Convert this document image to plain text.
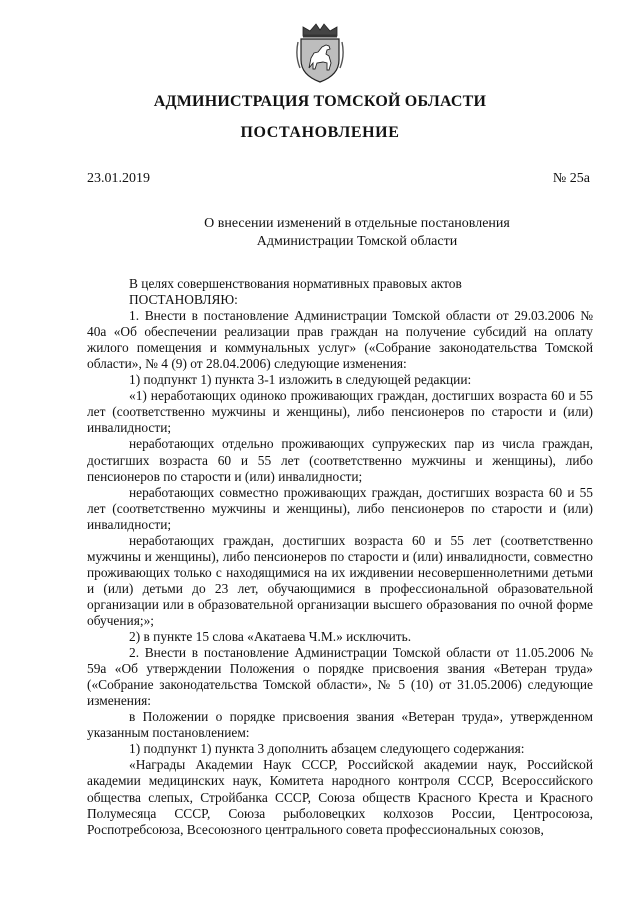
АДМИНИСТРАЦИЯ ТОМСКОЙ ОБЛАСТИ
ПОСТАНОВЛЕНИЕ
23.01.2019	№ 25а
О внесении изменений в отдельные постановления
Администрации Томской области

В целях совершенствования нормативных правовых актов

ПОСТАНОВЛЯЮ:

1. Внести в постановление Администрации Томской области от 29.03.2006 № 40а «Об обеспечении реализации прав граждан на получение субсидий на оплату жилого помещения и коммунальных услуг» («Собрание законодательства Томской области», № 4 (9) от 28.04.2006) следующие изменения:

1) подпункт 1) пункта 3-1 изложить в следующей редакции:

«1) неработающих одиноко проживающих граждан, достигших возраста 60 и 55 лет (соответственно мужчины и женщины), либо пенсионеров по старости и (или) инвалидности;

неработающих отдельно проживающих супружеских пар из числа граждан, достигших возраста 60 и 55 лет (соответственно мужчины и женщины), либо пенсионеров по старости и (или) инвалидности;

неработающих совместно проживающих граждан, достигших возраста 60 и 55 лет (соответственно мужчины и женщины), либо пенсионеров по старости и (или) инвалидности;

неработающих граждан, достигших возраста 60 и 55 лет (соответственно мужчины и женщины), либо пенсионеров по старости и (или) инвалидности, совместно проживающих только с находящимися на их иждивении несовершеннолетними детьми и (или) детьми до 23 лет, обучающимися в профессиональной образовательной организации или в образовательной организации высшего образования по очной форме обучения;»;

2) в пункте 15 слова «Акатаева Ч.М.» исключить.

2. Внести в постановление Администрации Томской области от 11.05.2006 № 59а «Об утверждении Положения о порядке присвоения звания «Ветеран труда» («Собрание законодательства Томской области», № 5 (10) от 31.05.2006) следующие изменения:

в Положении о порядке присвоения звания «Ветеран труда», утвержденном указанным постановлением:

1) подпункт 1) пункта 3 дополнить абзацем следующего содержания:

«Награды Академии Наук СССР, Российской академии наук, Российской академии медицинских наук, Комитета народного контроля СССР, Всероссийского общества слепых, Стройбанка СССР, Союза обществ Красного Креста и Красного Полумесяца СССР, Союза рыболовецких колхозов России, Центросоюза, Роспотребсоюза, Всесоюзного центрального совета профессиональных союзов,
